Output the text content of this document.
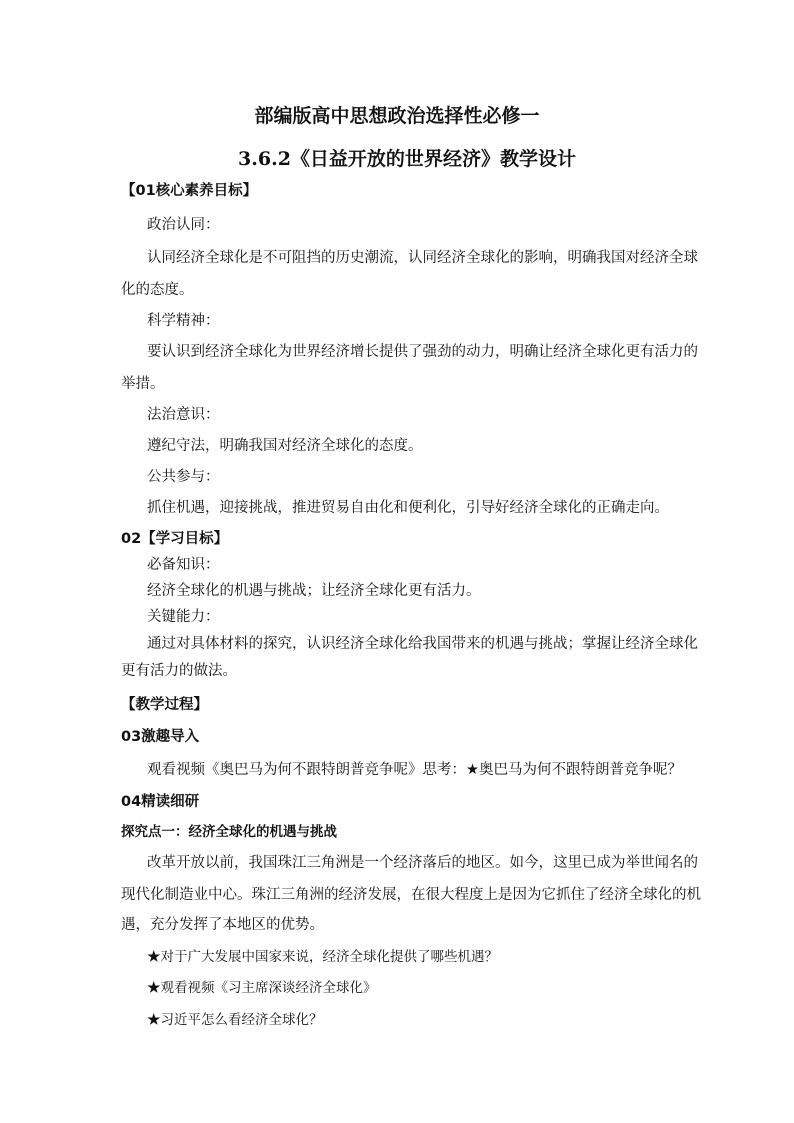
部编版高中思想政治选择性必修一
3.6.2《日益开放的世界经济》教学设计
【01核心素养目标】
政治认同：
认同经济全球化是不可阻挡的历史潮流，认同经济全球化的影响，明确我国对经济全球
化的态度。
科学精神：
要认识到经济全球化为世界经济增长提供了强劲的动力，明确让经济全球化更有活力的
举措。
法治意识：
遵纪守法，明确我国对经济全球化的态度。
公共参与：
抓住机遇，迎接挑战，推进贸易自由化和便利化，引导好经济全球化的正确走向。
02【学习目标】
必备知识：
经济全球化的机遇与挑战；让经济全球化更有活力。
关键能力：
通过对具体材料的探究，认识经济全球化给我国带来的机遇与挑战；掌握让经济全球化
更有活力的做法。
【教学过程】
03激趣导入
观看视频《奥巴马为何不跟特朗普竞争呢》思考：★奥巴马为何不跟特朗普竞争呢？
04精读细研
探究点一：经济全球化的机遇与挑战
改革开放以前，我国珠江三角洲是一个经济落后的地区。如今，这里已成为举世闻名的
现代化制造业中心。珠江三角洲的经济发展，在很大程度上是因为它抓住了经济全球化的机
遇，充分发挥了本地区的优势。
★对于广大发展中国家来说，经济全球化提供了哪些机遇？
★观看视频《习主席深谈经济全球化》
★习近平怎么看经济全球化？
